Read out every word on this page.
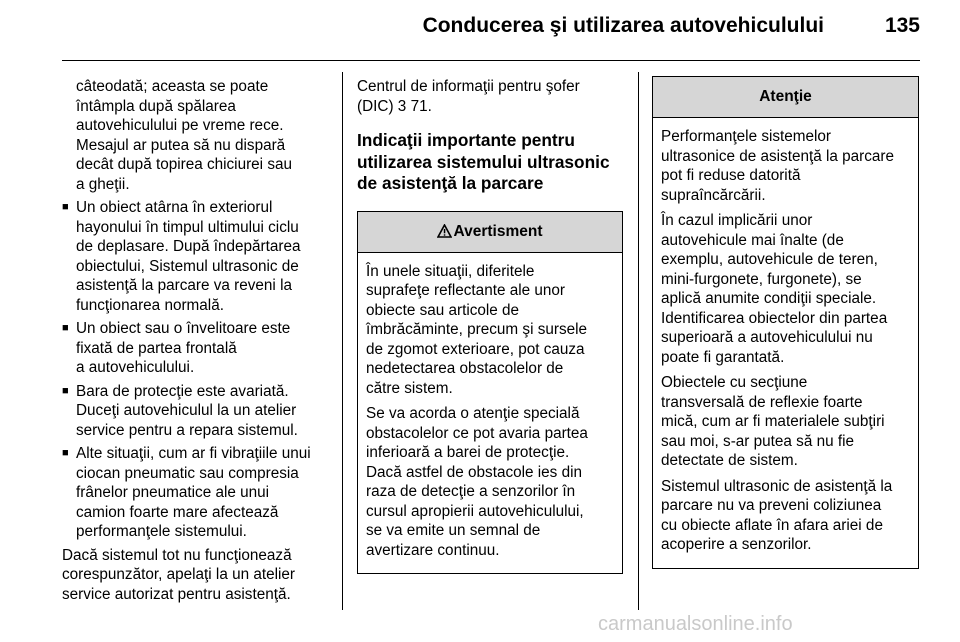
Conducerea şi utilizarea autovehiculului	135
câteodată; aceasta se poate
întâmpla după spălarea
autovehiculului pe vreme rece.
Mesajul ar putea să nu dispară
decât după topirea chiciurei sau
a gheţii.
■ Un obiect atârna în exteriorul
hayonului în timpul ultimului ciclu
de deplasare. După îndepărtarea
obiectului, Sistemul ultrasonic de
asistenţă la parcare va reveni la
funcţionarea normală.
■ Un obiect sau o învelitoare este
fixată de partea frontală
a autovehiculului.
■ Bara de protecţie este avariată.
Duceţi autovehiculul la un atelier
service pentru a repara sistemul.
■ Alte situaţii, cum ar fi vibraţiile unui
ciocan pneumatic sau compresia
frânelor pneumatice ale unui
camion foarte mare afectează
performanţele sistemului.
Dacă sistemul tot nu funcţionează
corespunzător, apelaţi la un atelier
service autorizat pentru asistenţă.
Centrul de informaţii pentru şofer
(DIC) 3 71.
Indicaţii importante pentru
utilizarea sistemului ultrasonic
de asistenţă la parcare
Avertisment
În unele situaţii, diferitele
suprafeţe reflectante ale unor
obiecte sau articole de
îmbrăcăminte, precum şi sursele
de zgomot exterioare, pot cauza
nedetectarea obstacolelor de
către sistem.
Se va acorda o atenţie specială
obstacolelor ce pot avaria partea
inferioară a barei de protecţie.
Dacă astfel de obstacole ies din
raza de detecţie a senzorilor în
cursul apropierii autovehiculului,
se va emite un semnal de
avertizare continuu.
Atenţie
Performanţele sistemelor
ultrasonice de asistenţă la parcare
pot fi reduse datorită
supraîncărcării.
În cazul implicării unor
autovehicule mai înalte (de
exemplu, autovehicule de teren,
mini-furgonete, furgonete), se
aplică anumite condiţii speciale.
Identificarea obiectelor din partea
superioară a autovehiculului nu
poate fi garantată.
Obiectele cu secţiune
transversală de reflexie foarte
mică, cum ar fi materialele subţiri
sau moi, s-ar putea să nu fie
detectate de sistem.
Sistemul ultrasonic de asistenţă la
parcare nu va preveni coliziunea
cu obiecte aflate în afara ariei de
acoperire a senzorilor.
carmanualsonline.info
